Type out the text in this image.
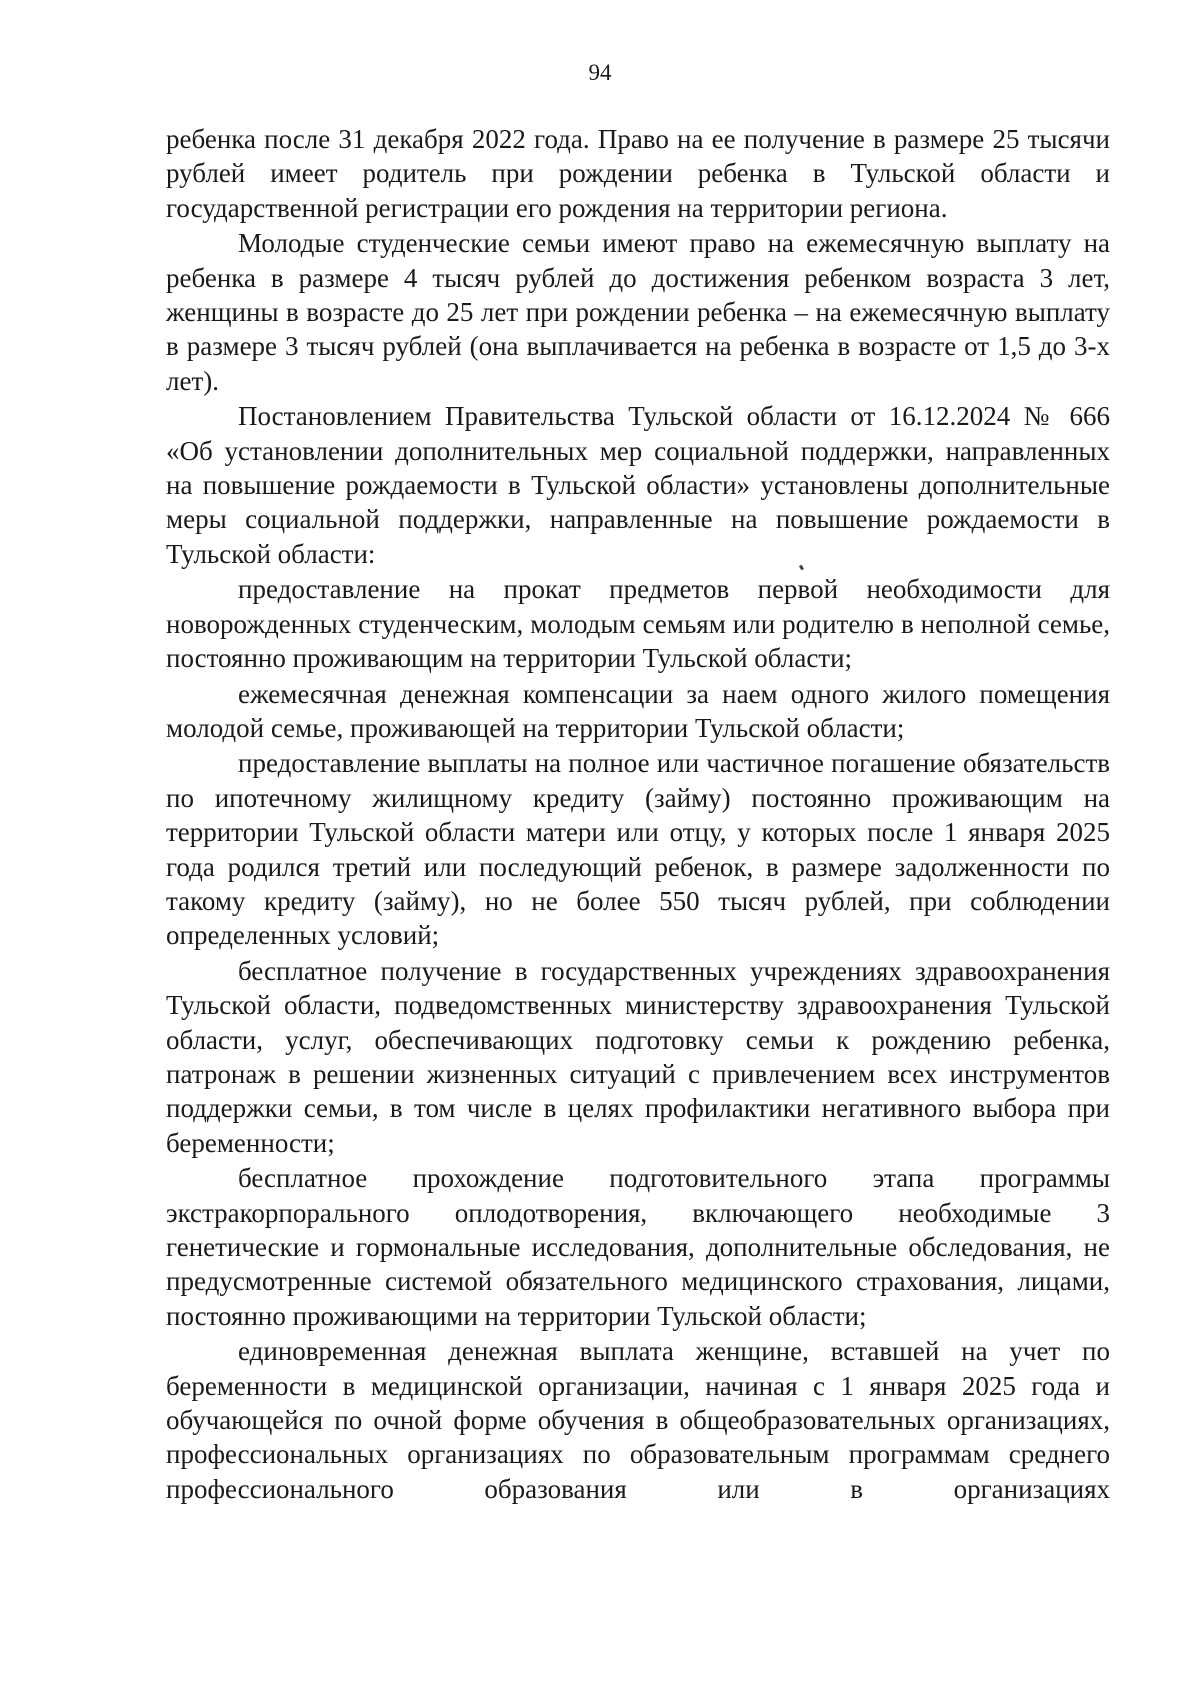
94

ребенка после 31 декабря 2022 года. Право на ее получение в размере 25 тысячи рублей имеет родитель при рождении ребенка в Тульской области и государственной регистрации его рождения на территории региона.

Молодые студенческие семьи имеют право на ежемесячную выплату на ребенка в размере 4 тысяч рублей до достижения ребенком возраста 3 лет, женщины в возрасте до 25 лет при рождении ребенка – на ежемесячную выплату в размере 3 тысяч рублей (она выплачивается на ребенка в возрасте от 1,5 до 3-х лет).

Постановлением Правительства Тульской области от 16.12.2024 № 666 «Об установлении дополнительных мер социальной поддержки, направленных на повышение рождаемости в Тульской области» установлены дополнительные меры социальной поддержки, направленные на повышение рождаемости в Тульской области:

предоставление на прокат предметов первой необходимости для новорожденных студенческим, молодым семьям или родителю в неполной семье, постоянно проживающим на территории Тульской области;

ежемесячная денежная компенсации за наем одного жилого помещения молодой семье, проживающей на территории Тульской области;

предоставление выплаты на полное или частичное погашение обязательств по ипотечному жилищному кредиту (займу) постоянно проживающим на территории Тульской области матери или отцу, у которых после 1 января 2025 года родился третий или последующий ребенок, в размере задолженности по такому кредиту (займу), но не более 550 тысяч рублей, при соблюдении определенных условий;

бесплатное получение в государственных учреждениях здравоохранения Тульской области, подведомственных министерству здравоохранения Тульской области, услуг, обеспечивающих подготовку семьи к рождению ребенка, патронаж в решении жизненных ситуаций с привлечением всех инструментов поддержки семьи, в том числе в целях профилактики негативного выбора при беременности;

бесплатное прохождение подготовительного этапа программы экстракорпорального оплодотворения, включающего необходимые 3 генетические и гормональные исследования, дополнительные обследования, не предусмотренные системой обязательного медицинского страхования, лицами, постоянно проживающими на территории Тульской области;

единовременная денежная выплата женщине, вставшей на учет по беременности в медицинской организации, начиная с 1 января 2025 года и обучающейся по очной форме обучения в общеобразовательных организациях, профессиональных организациях по образовательным программам среднего профессионального образования или в организациях
